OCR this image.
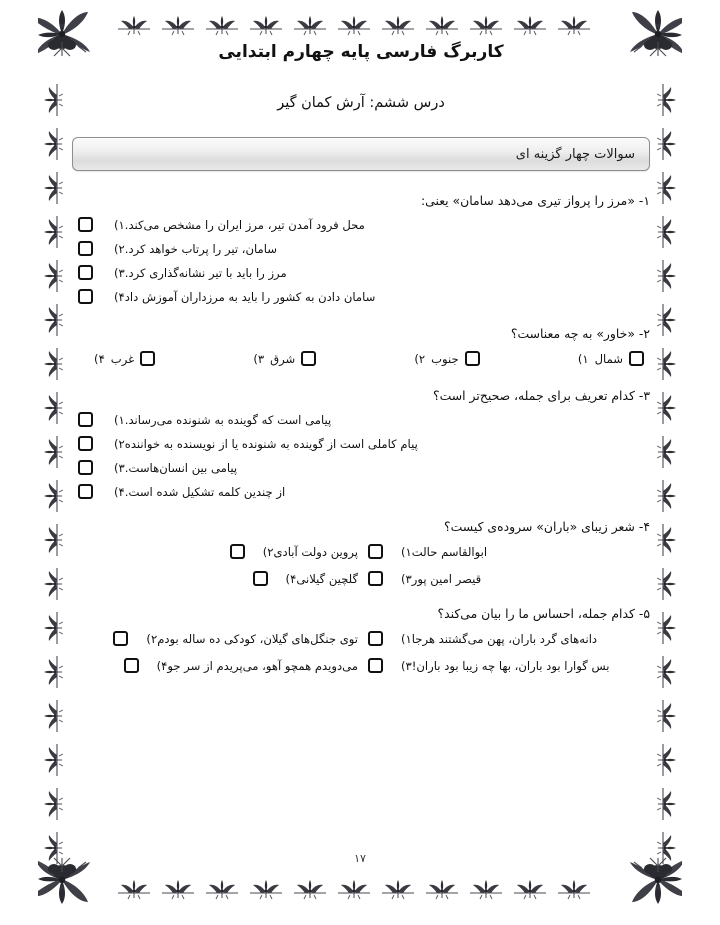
کاربرگ فارسی پایه چهارم ابتدایی
درس ششم: آرش کمان گیر
سوالات چهار گزینه ای
۱- «مرز را پرواز تیری می‌دهد سامان» یعنی:
۱) محل فرود آمدن تیر، مرز ایران را مشخص می‌کند.
۲) سامان، تیر را پرتاب خواهد کرد.
۳) مرز را باید با تیر نشانه‌گذاری کرد.
۴) سامان دادن به کشور را باید به مرزداران آموزش داد
۲- «خاور» به چه معناست؟
۱) شمال
۲) جنوب
۳) شرق
۴) غرب
۳- کدام تعریف برای جمله، صحیح‌تر است؟
۱) پیامی است که گوینده به شنونده می‌رساند.
۲) پیام کاملی است از گوینده به شنونده یا از نویسنده به خواننده
۳) پیامی بین انسان‌هاست.
۴) از چندین کلمه تشکیل شده است.
۴- شعر زیبای «باران» سروده‌ی کیست؟
۱) ابوالقاسم حالت
۲) پروین دولت آبادی
۳) قیصر امین پور
۴) گلچین گیلانی
۵- کدام جمله، احساس ما را بیان می‌کند؟
۱) دانه‌های گرد باران، پهن می‌گشتند هرجا
۲) توی جنگل‌های گیلان، کودکی ده ساله بودم
۳) بس گوارا بود باران، بها چه زیبا بود باران!
۴) می‌دویدم همچو آهو، می‌پریدم از سر جو
۱۷
